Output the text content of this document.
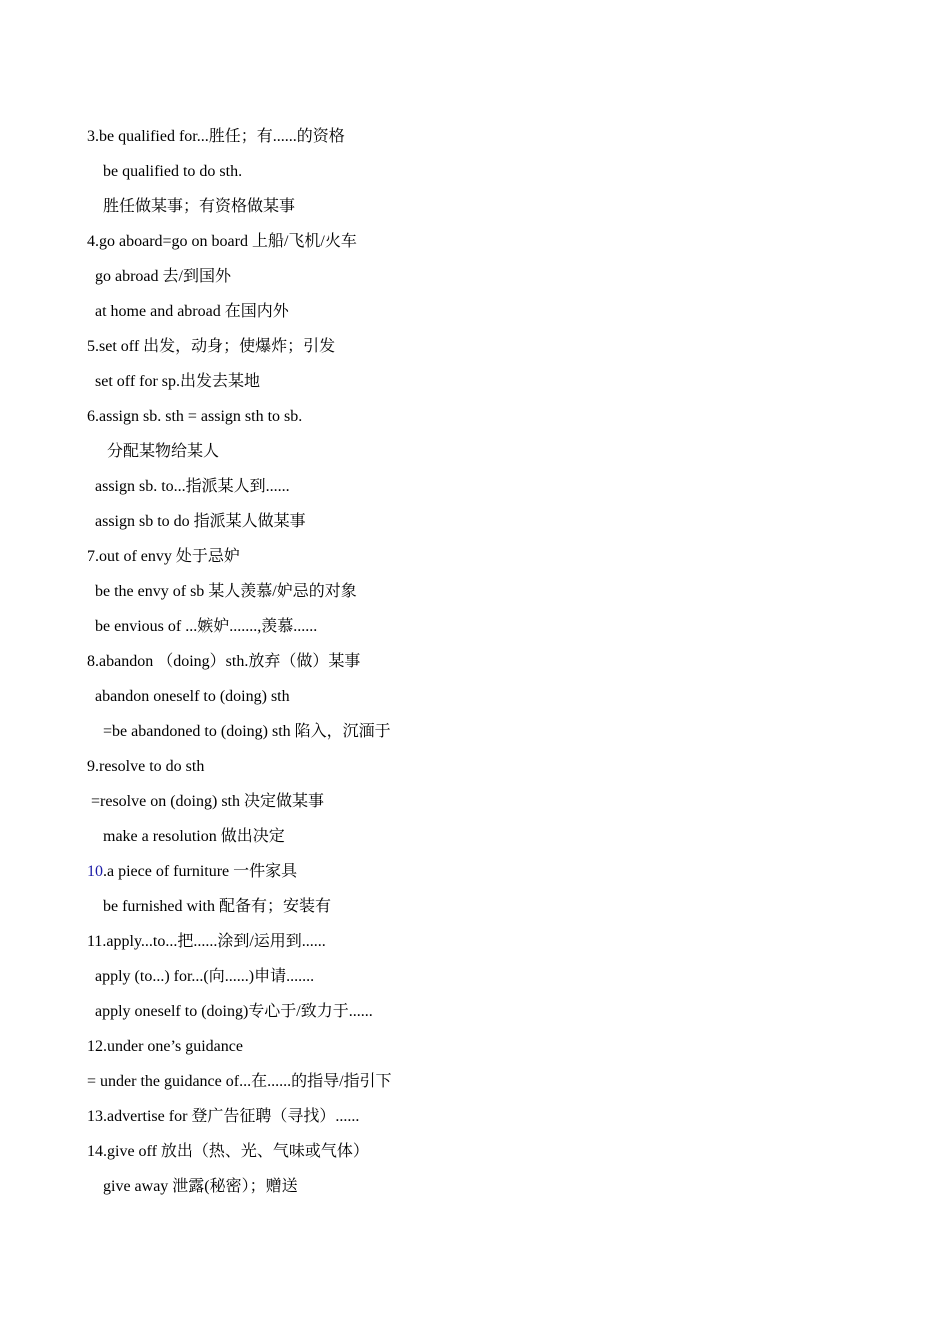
3.be qualified for...胜任；有......的资格
be qualified to do sth.
胜任做某事；有资格做某事
4.go aboard=go on board 上船/飞机/火车
go abroad 去/到国外
at home and abroad 在国内外
5.set off 出发，动身；使爆炸；引发
set off for sp.出发去某地
6.assign sb. sth = assign sth to sb.
分配某物给某人
assign sb. to...指派某人到......
assign sb to do 指派某人做某事
7.out of envy 处于忌妒
be the envy of sb 某人羡慕/妒忌的对象
be envious of ...嫉妒.......,羡慕......
8.abandon （doing）sth.放弃（做）某事
abandon oneself to (doing) sth
=be abandoned to (doing) sth 陷入，沉湎于
9.resolve to do sth
=resolve on (doing) sth 决定做某事
make a resolution 做出决定
10.a piece of furniture 一件家具
be furnished with 配备有；安装有
11.apply...to...把......涂到/运用到......
apply (to...) for...(向......)申请.......
apply oneself to (doing)专心于/致力于......
12.under one’s guidance
= under the guidance of...在......的指导/指引下
13.advertise for 登广告征聘（寻找）......
14.give off 放出（热、光、气味或气体）
give away 泄露(秘密）；赠送
